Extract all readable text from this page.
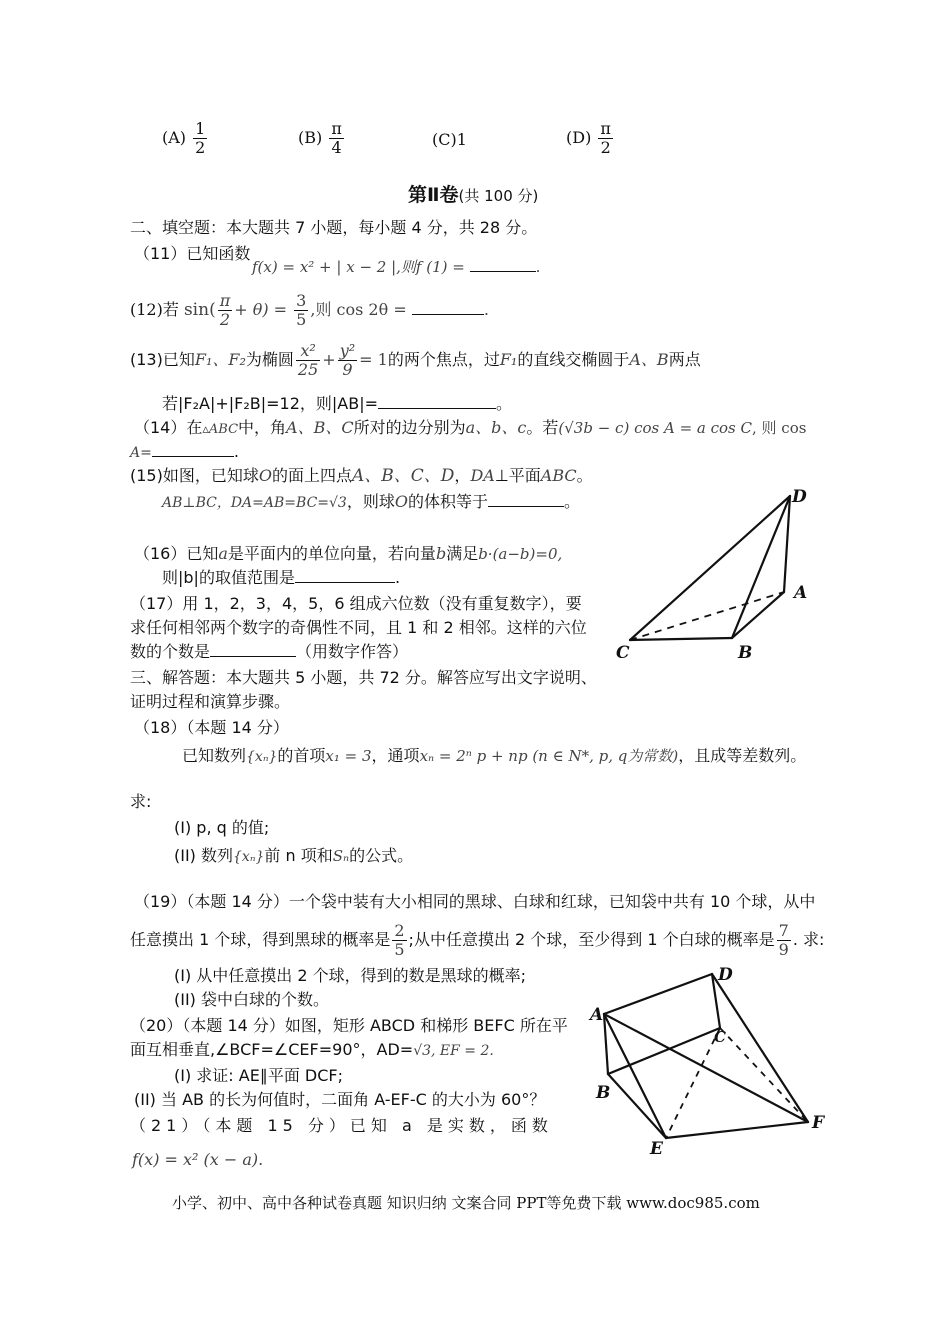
$(A) \frac{1}{2}$	$(B) \frac{\pi}{4}$	(C)1	$(D) \frac{\pi}{2}$
第Ⅱ卷(共 100 分)
二、填空题：本大题共 7 小题，每小题 4 分，共 28 分。
（11）已知函数
f(x) = x² + | x − 2 |,则f (1) =	.
(12)若 $\sin( \frac{\pi}{2} + \theta) = \frac{3}{5}$ ,则 cos 2θ =	.
(13)已知F₁、F₂为椭圆 $\frac{\text{x²}}{25} + \frac{\text{y²}}{9} = 1$的两个焦点，过F₁的直线交椭圆于A、B两点
若|F₂A|+|F₂B|=12，则|AB|=	。
（14）在▵ABC中，角A、B、C所对的边分别为a、b、c。若(√3b − c) cos A = a cos C, 则 cos
A=	.
(15)如图，已知球O的面上四点A、B、C、D，DA⊥平面ABC。
AB⊥BC，DA=AB=BC=√3，则球O的体积等于	。
（16）已知a是平面内的单位向量，若向量b满足b·(a−b)=0,
则|b|的取值范围是	.
（17）用 1，2，3，4，5，6 组成六位数（没有重复数字），要
求任何相邻两个数字的奇偶性不同，且 1 和 2 相邻。这样的六位
数的个数是	（用数字作答）
三、解答题：本大题共 5 小题，共 72 分。解答应写出文字说明、
证明过程和演算步骤。
（18）（本题 14 分）
已知数列{xₙ}的首项x₁ = 3，通项xₙ = 2ⁿ p + np (n ∈ N*, p, q为常数)，且成等差数列。
求:
(I) p, q 的值;
(II) 数列{xₙ}前 n 项和Sₙ的公式。
（19）（本题 14 分）一个袋中装有大小相同的黑球、白球和红球，已知袋中共有 10 个球，从中
任意摸出 1 个球，得到黑球的概率是 $\frac{2}{5}$ ;从中任意摸出 2 个球，至少得到 1 个白球的概率是 $\frac{7}{9}$ . 求:
(I) 从中任意摸出 2 个球，得到的数是黑球的概率;
(II) 袋中白球的个数。
（20）（本题 14 分）如图，矩形 ABCD 和梯形 BEFC 所在平
面互相垂直,∠BCF=∠CEF=90°，AD=√3, EF = 2.
(I) 求证: AE∥平面 DCF;
(II) 当 AB 的长为何值时，二面角 A-EF-C 的大小为 60°？
（21）（本题 15 分）已知 a 是实数，函数
f(x) = x² (x − a).
D
A
C	B
A
D
C
B
E
F
小学、初中、高中各种试卷真题 知识归纳 文案合同 PPT等免费下载 www.doc985.com
